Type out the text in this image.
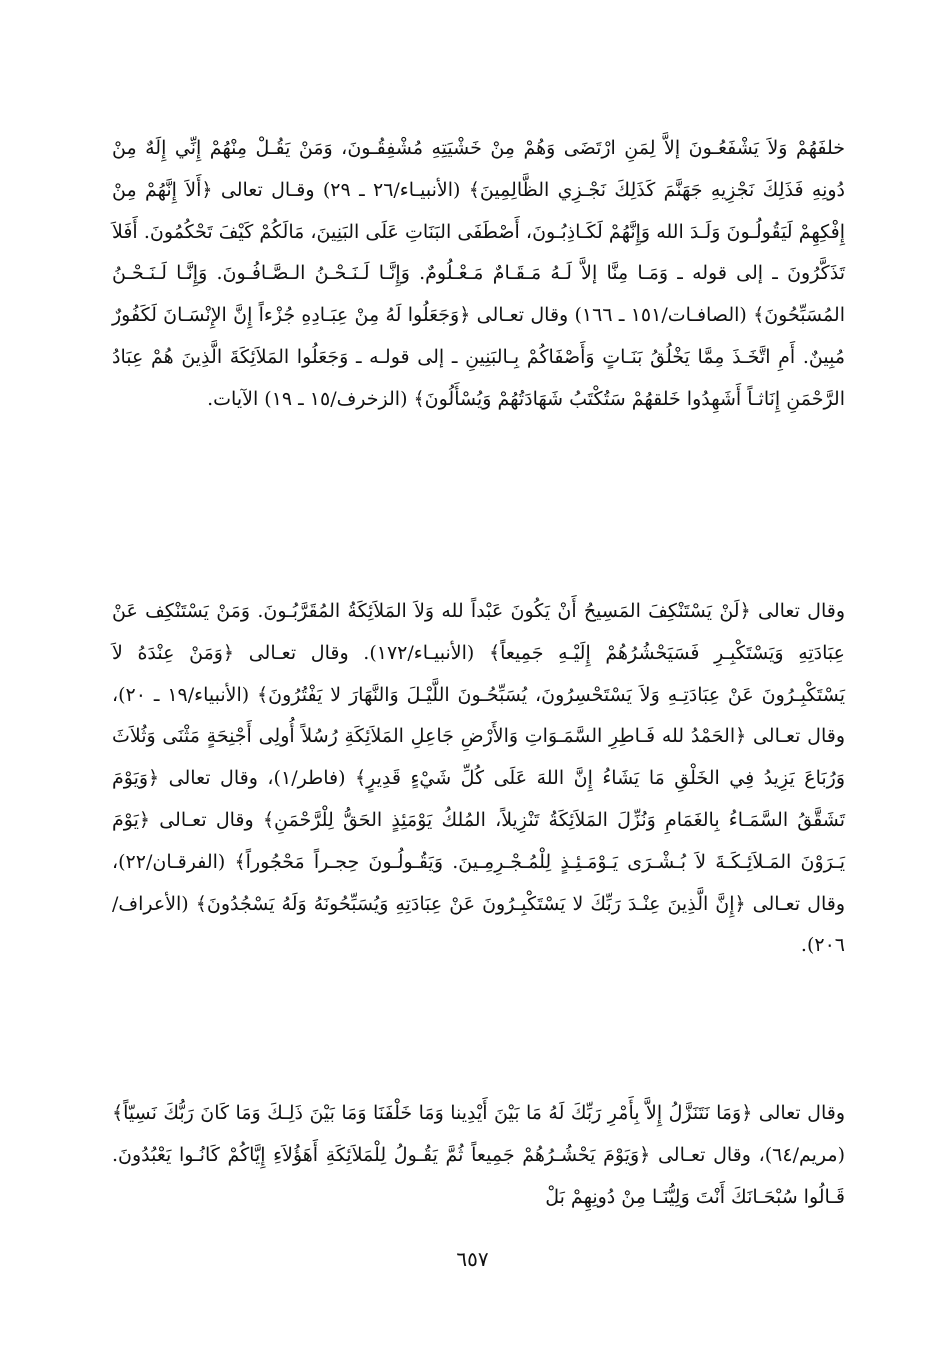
خلفَهُمْ وَلاَ يَشْفَعُـونَ إلاَّ لِمَنِ ارْتَضَى وَهُمْ مِنْ خَشْيَتِهِ مُشْفِقُـونَ، وَمَنْ يَقُـلْ مِنْهُمْ إِنِّي إِلَهٌ مِنْ دُونِهِ فَذَلِكَ نَجْزِيهِ جَهَنَّمَ كَذَلِكَ نَجْـزِي الظَّالِمِينَ﴾ (الأنبيـاء/٢٦ ـ ٢٩) وقـال تعالى ﴿أَلاَ إِنَّهُمْ مِنْ إِفْكِهِمْ لَيَقُولُـونَ وَلَـدَ الله وَإِنَّهُمْ لَكَـاذِبُـونَ، أَصْطَفَى البَنَاتِ عَلَى البَنِينَ، مَالَكُمْ كَيْفَ تَحْكُمُونَ. أَفَلاَ تَذَكَّرُونَ ـ إلى قوله ـ وَمَـا مِنَّا إلاَّ لَـهُ مَـقَـامٌ مَـعْـلُومٌ. وَإِنَّـا لَـنَـحْـنُ الـصَّـافُـونَ. وَإِنَّـا لَـنَـحْـنُ المُسَبِّحُونَ﴾ (الصافـات/١٥١ ـ ١٦٦) وقال تعـالى ﴿وَجَعَلُوا لَهُ مِنْ عِبَـادِهِ جُزْءاً إِنَّ الإِنْسَـانَ لَكَفُورٌ مُبِينٌ. أَمِ اتَّخَـذَ مِمَّا يَخْلُقُ بَنَـاتٍ وَأَصْفَاكُمْ بِـالبَنِينِ ـ إلى قولـه ـ وَجَعَلُوا المَلاَئِكَةَ الَّذِينَ هُمْ عِبَادُ الرَّحْمَنِ إِنَاثـاً أَشَهِدُوا خَلقهُمْ سَتُكْتَبُ شَهَادَتُهُمْ وَيُسْأَلُونَ﴾ (الزخرف/١٥ ـ ١٩) الآيات.

وقال تعالى ﴿لَنْ يَسْتَنْكِفَ المَسِيحُ أَنْ يَكُونَ عَبْداً لله وَلاَ المَلاَئِكَةُ المُقَرَّبُـونَ. وَمَنْ يَسْتَنْكِف عَنْ عِبَادَتِهِ وَيَسْتَكْبِـرِ فَسَيَحْشُرُهُمْ إِلَيْـهِ جَمِيعاً﴾ (الأنبيـاء/١٧٢). وقال تعـالى ﴿وَمَنْ عِنْدَهُ لاَ يَسْتَكْبِـرُونَ عَنْ عِبَادَتِـهِ وَلاَ يَسْتَحْسِرُونَ، يُسَبِّحُـونَ اللَّيْـلَ وَالنَّهَارَ لا يَفْتُرُونَ﴾ (الأنبياء/١٩ ـ ٢٠)، وقال تعـالى ﴿الحَمْدُ لله فَـاطِرِ السَّمَـوَاتِ وَالأَرْضِ جَاعِلِ المَلاَئِكَةِ رُسُلاً أُولِى أَجْنِحَةٍ مَثْنَى وَثُلاَثَ وَرُبَاعَ يَزِيدُ فِي الخَلْقِ مَا يَشَاءُ إِنَّ اللهَ عَلَى كُلِّ شَيْءٍ قَدِيرٍ﴾ (فاطر/١)، وقال تعالى ﴿وَيَوْمَ تَشَقَّقُ السَّمَـاءُ بِالغَمَامِ وَنُزِّلَ المَلاَئِكَةُ تَنْزِيلاً، المُلكُ يَوْمَئِذٍ الحَقُّ لِلْرَّحْمَنِ﴾ وقال تعـالى ﴿يَوْمَ يَـرَوْنَ المَـلاَئِـكَـةَ لاَ بُـشْـرَى يَـوْمَـئِـذٍ لِلْمُـجْـرِمِـينَ. وَيَقُـولُـونَ حِجـراً مَحْجُوراً﴾ (الفرقـان/٢٢)، وقال تعـالى ﴿إِنَّ الَّذِينَ عِنْـدَ رَبِّكَ لا يَسْتَكْبِـرُونَ عَنْ عِبَادَتِهِ وَيُسَبِّحُونَهُ وَلَهُ يَسْجُدُونَ﴾ (الأعراف/٢٠٦).

وقال تعالى ﴿وَمَا نَتَنَزَّلُ إِلاَّ بِأَمْرِ رَبِّكَ لَهُ مَا بَيْنَ أَيْدِينا وَمَا خَلْفَنَا وَمَا بَيْنَ ذَلِـكَ وَمَا كَانَ رَبُّكَ نَسِيّاً﴾ (مريم/٦٤)، وقال تعـالى ﴿وَيَوْمَ يَحْشُـرُهُمْ جَمِيعاً ثُمَّ يَقُـولُ لِلْمَلاَئِكَةِ أَهَؤُلاَءِ إِيَّاكُمْ كَانُـوا يَعْبُدُونَ. قَـالُوا سُبْحَـانَكَ أَنْتَ وَلِيُّنَـا مِنْ دُونِهِمْ بَلْ

٦٥٧
